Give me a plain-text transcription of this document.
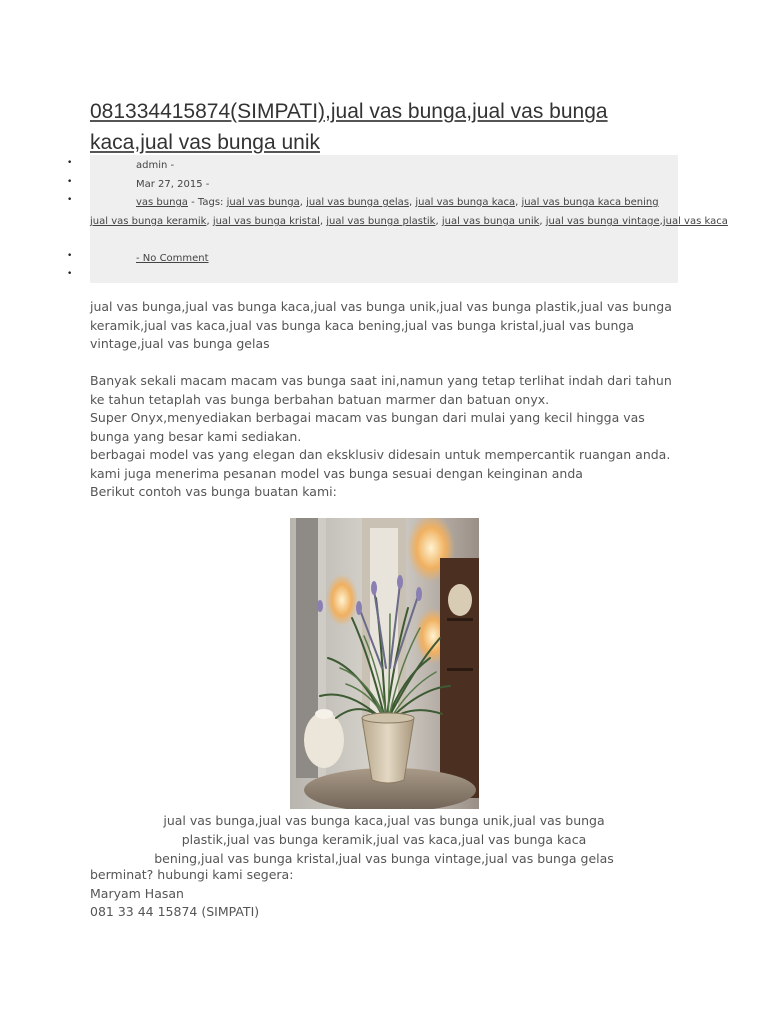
081334415874(SIMPATI),jual vas bunga,jual vas bunga
kaca,jual vas bunga unik
•
•
•
•
•
admin -
Mar 27, 2015 -
vas bunga - Tags: jual vas bunga, jual vas bunga gelas, jual vas bunga kaca, jual vas bunga kaca bening
jual vas bunga keramik, jual vas bunga kristal, jual vas bunga plastik, jual vas bunga unik, jual vas bunga vintage,jual vas kaca
- No Comment

jual vas bunga,jual vas bunga kaca,jual vas bunga unik,jual vas bunga plastik,jual vas bunga
keramik,jual vas kaca,jual vas bunga kaca bening,jual vas bunga kristal,jual vas bunga
vintage,jual vas bunga gelas

Banyak sekali macam macam vas bunga saat ini,namun yang tetap terlihat indah dari tahun
ke tahun tetaplah vas bunga berbahan batuan marmer dan batuan onyx.
Super Onyx,menyediakan berbagai macam vas bungan dari mulai yang kecil hingga vas
bunga yang besar kami sediakan.
berbagai model vas yang elegan dan eksklusiv didesain untuk mempercantik ruangan anda.
kami juga menerima pesanan model vas bunga sesuai dengan keinginan anda
Berikut contoh vas bunga buatan kami:

jual vas bunga,jual vas bunga kaca,jual vas bunga unik,jual vas bunga
plastik,jual vas bunga keramik,jual vas kaca,jual vas bunga kaca
bening,jual vas bunga kristal,jual vas bunga vintage,jual vas bunga gelas

berminat? hubungi kami segera:
Maryam Hasan
081 33 44 15874 (SIMPATI)
